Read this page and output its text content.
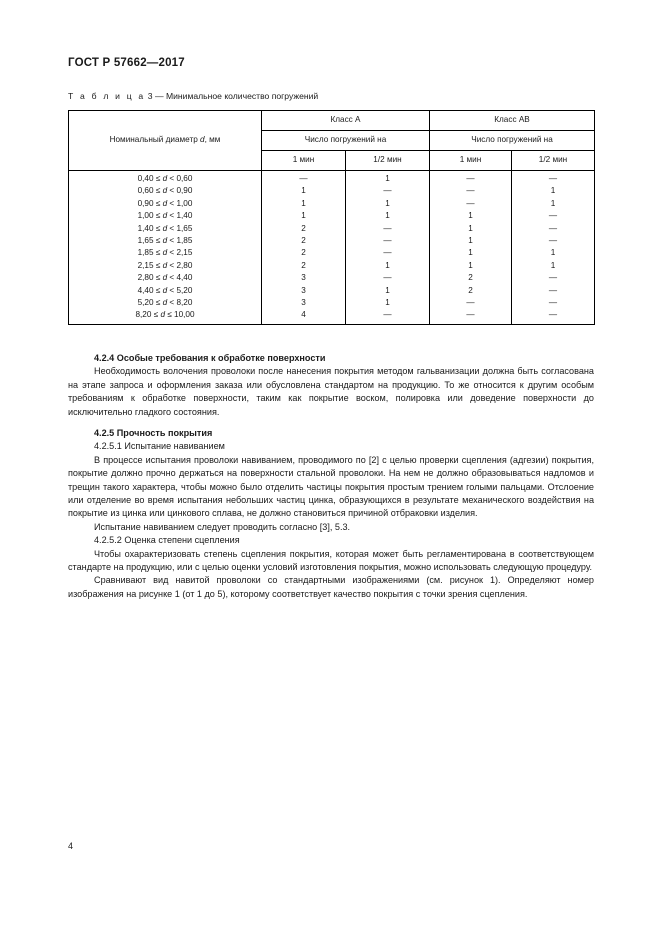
ГОСТ Р 57662—2017
Т а б л и ц а 3 — Минимальное количество погружений
Номинальный диаметр d, мм	Класс А		Класс АВ	
	Число погружений на		Число погружений на	
	1 мин	1/2 мин	1 мин	1/2 мин
0,40 ≤ d < 0,60	—	1	—	—
0,60 ≤ d < 0,90	1	—	—	1
0,90 ≤ d < 1,00	1	1	—	1
1,00 ≤ d < 1,40	1	1	1	—
1,40 ≤ d < 1,65	2	—	1	—
1,65 ≤ d < 1,85	2	—	1	—
1,85 ≤ d < 2,15	2	—	1	1
2,15 ≤ d < 2,80	2	1	1	1
2,80 ≤ d < 4,40	3	—	2	—
4,40 ≤ d < 5,20	3	1	2	—
5,20 ≤ d < 8,20	3	1	—	—
8,20 ≤ d ≤ 10,00	4	—	—	—

4.2.4 Особые требования к обработке поверхности

Необходимость волочения проволоки после нанесения покрытия методом гальванизации должна быть согласована на этапе запроса и оформления заказа или обусловлена стандартом на продукцию. То же относится к другим особым требованиям к обработке поверхности, таким как покрытие воском, полировка или доведение поверхности до исключительно гладкого состояния.

4.2.5 Прочность покрытия

4.2.5.1 Испытание навиванием

В процессе испытания проволоки навиванием, проводимого по [2] с целью проверки сцепления (адгезии) покрытия, покрытие должно прочно держаться на поверхности стальной проволоки. На нем не должно образовываться надломов и трещин такого характера, чтобы можно было отделить частицы покрытия простым трением голыми пальцами. Отслоение или отделение во время испытания небольших частиц цинка, образующихся в результате механического воздействия на покрытие из цинка или цинкового сплава, не должно становиться причиной отбраковки изделия.

Испытание навиванием следует проводить согласно [3], 5.3.

4.2.5.2 Оценка степени сцепления

Чтобы охарактеризовать степень сцепления покрытия, которая может быть регламентирована в соответствующем стандарте на продукцию, или с целью оценки условий изготовления покрытия, можно использовать следующую процедуру.

Сравнивают вид навитой проволоки со стандартными изображениями (см. рисунок 1). Определяют номер изображения на рисунке 1 (от 1 до 5), которому соответствует качество покрытия с точки зрения сцепления.

4
